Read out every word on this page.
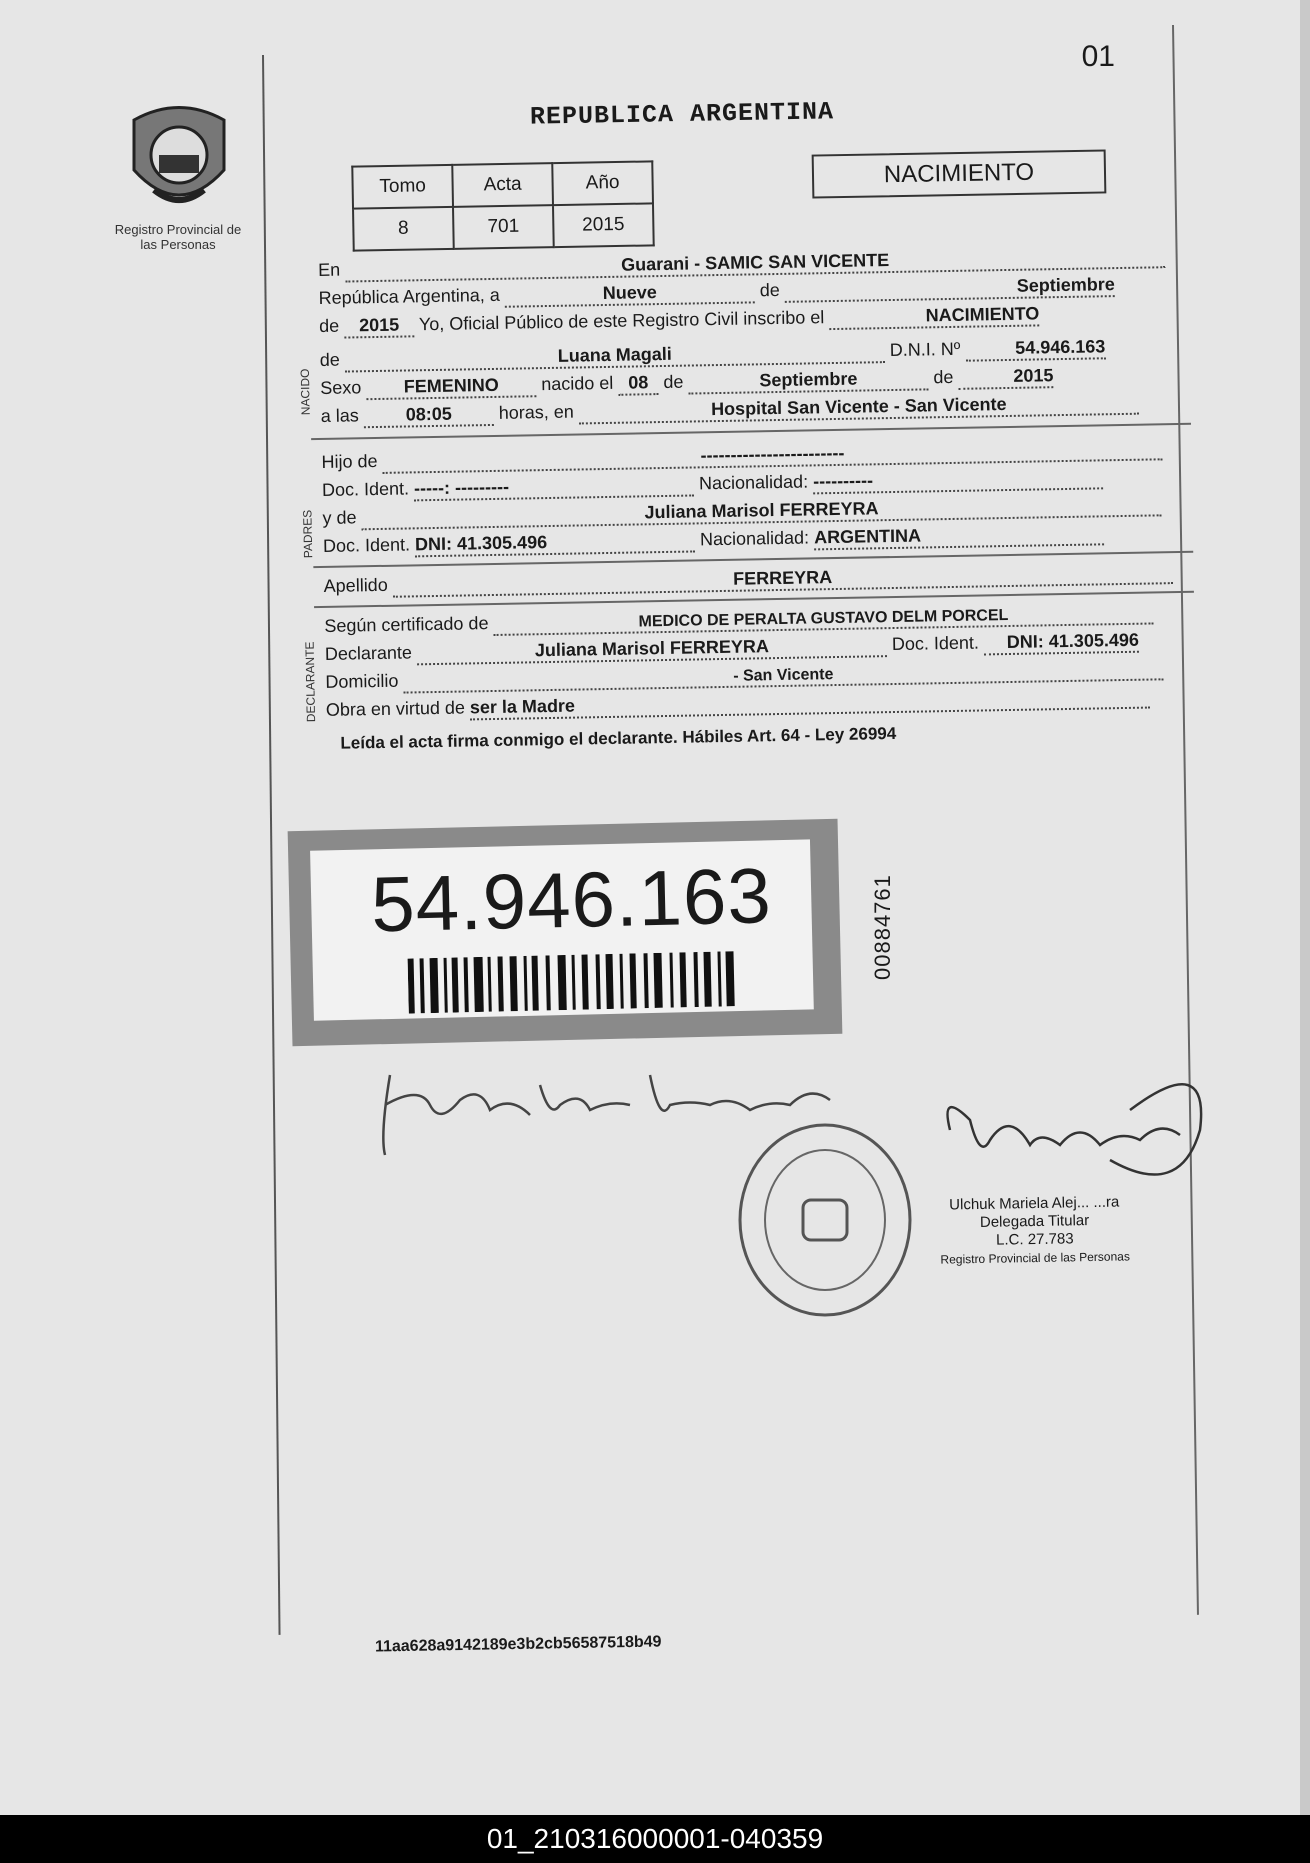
01
Registro Provincial de las Personas
REPUBLICA ARGENTINA
Tomo	Acta	Año
8	701	2015
NACIMIENTO
En	Guarani - SAMIC SAN VICENTE
República Argentina, a	Nueve	de	Septiembre
de 2015 Yo, Oficial Público de este Registro Civil inscribo el	NACIMIENTO
NACIDO
de	Luana Magali	D.N.I. Nº	54.946.163
Sexo FEMENINO nacido el 08 de	Septiembre	de	2015
a las	08:05	horas, en	Hospital San Vicente - San Vicente
PADRES
Hijo de	------------------------
Doc. Ident. -----: ---------	Nacionalidad: ----------
y de	Juliana Marisol FERREYRA
Doc. Ident. DNI: 41.305.496	Nacionalidad: ARGENTINA
Apellido	FERREYRA
DECLARANTE
Según certificado de	MEDICO DE PERALTA GUSTAVO DELM PORCEL
Declarante	Juliana Marisol FERREYRA	Doc. Ident. DNI: 41.305.496
Domicilio	- San Vicente
Obra en virtud de ser la Madre
Leída el acta firma conmigo el declarante. Hábiles Art. 64 - Ley 26994
54.946.163	00884761
Ulchuk Mariela Alej... ...ra
Delegada Titular
L.C. 27.783
Registro Provincial de las Personas
11aa628a9142189e3b2cb56587518b49
01_210316000001-040359
